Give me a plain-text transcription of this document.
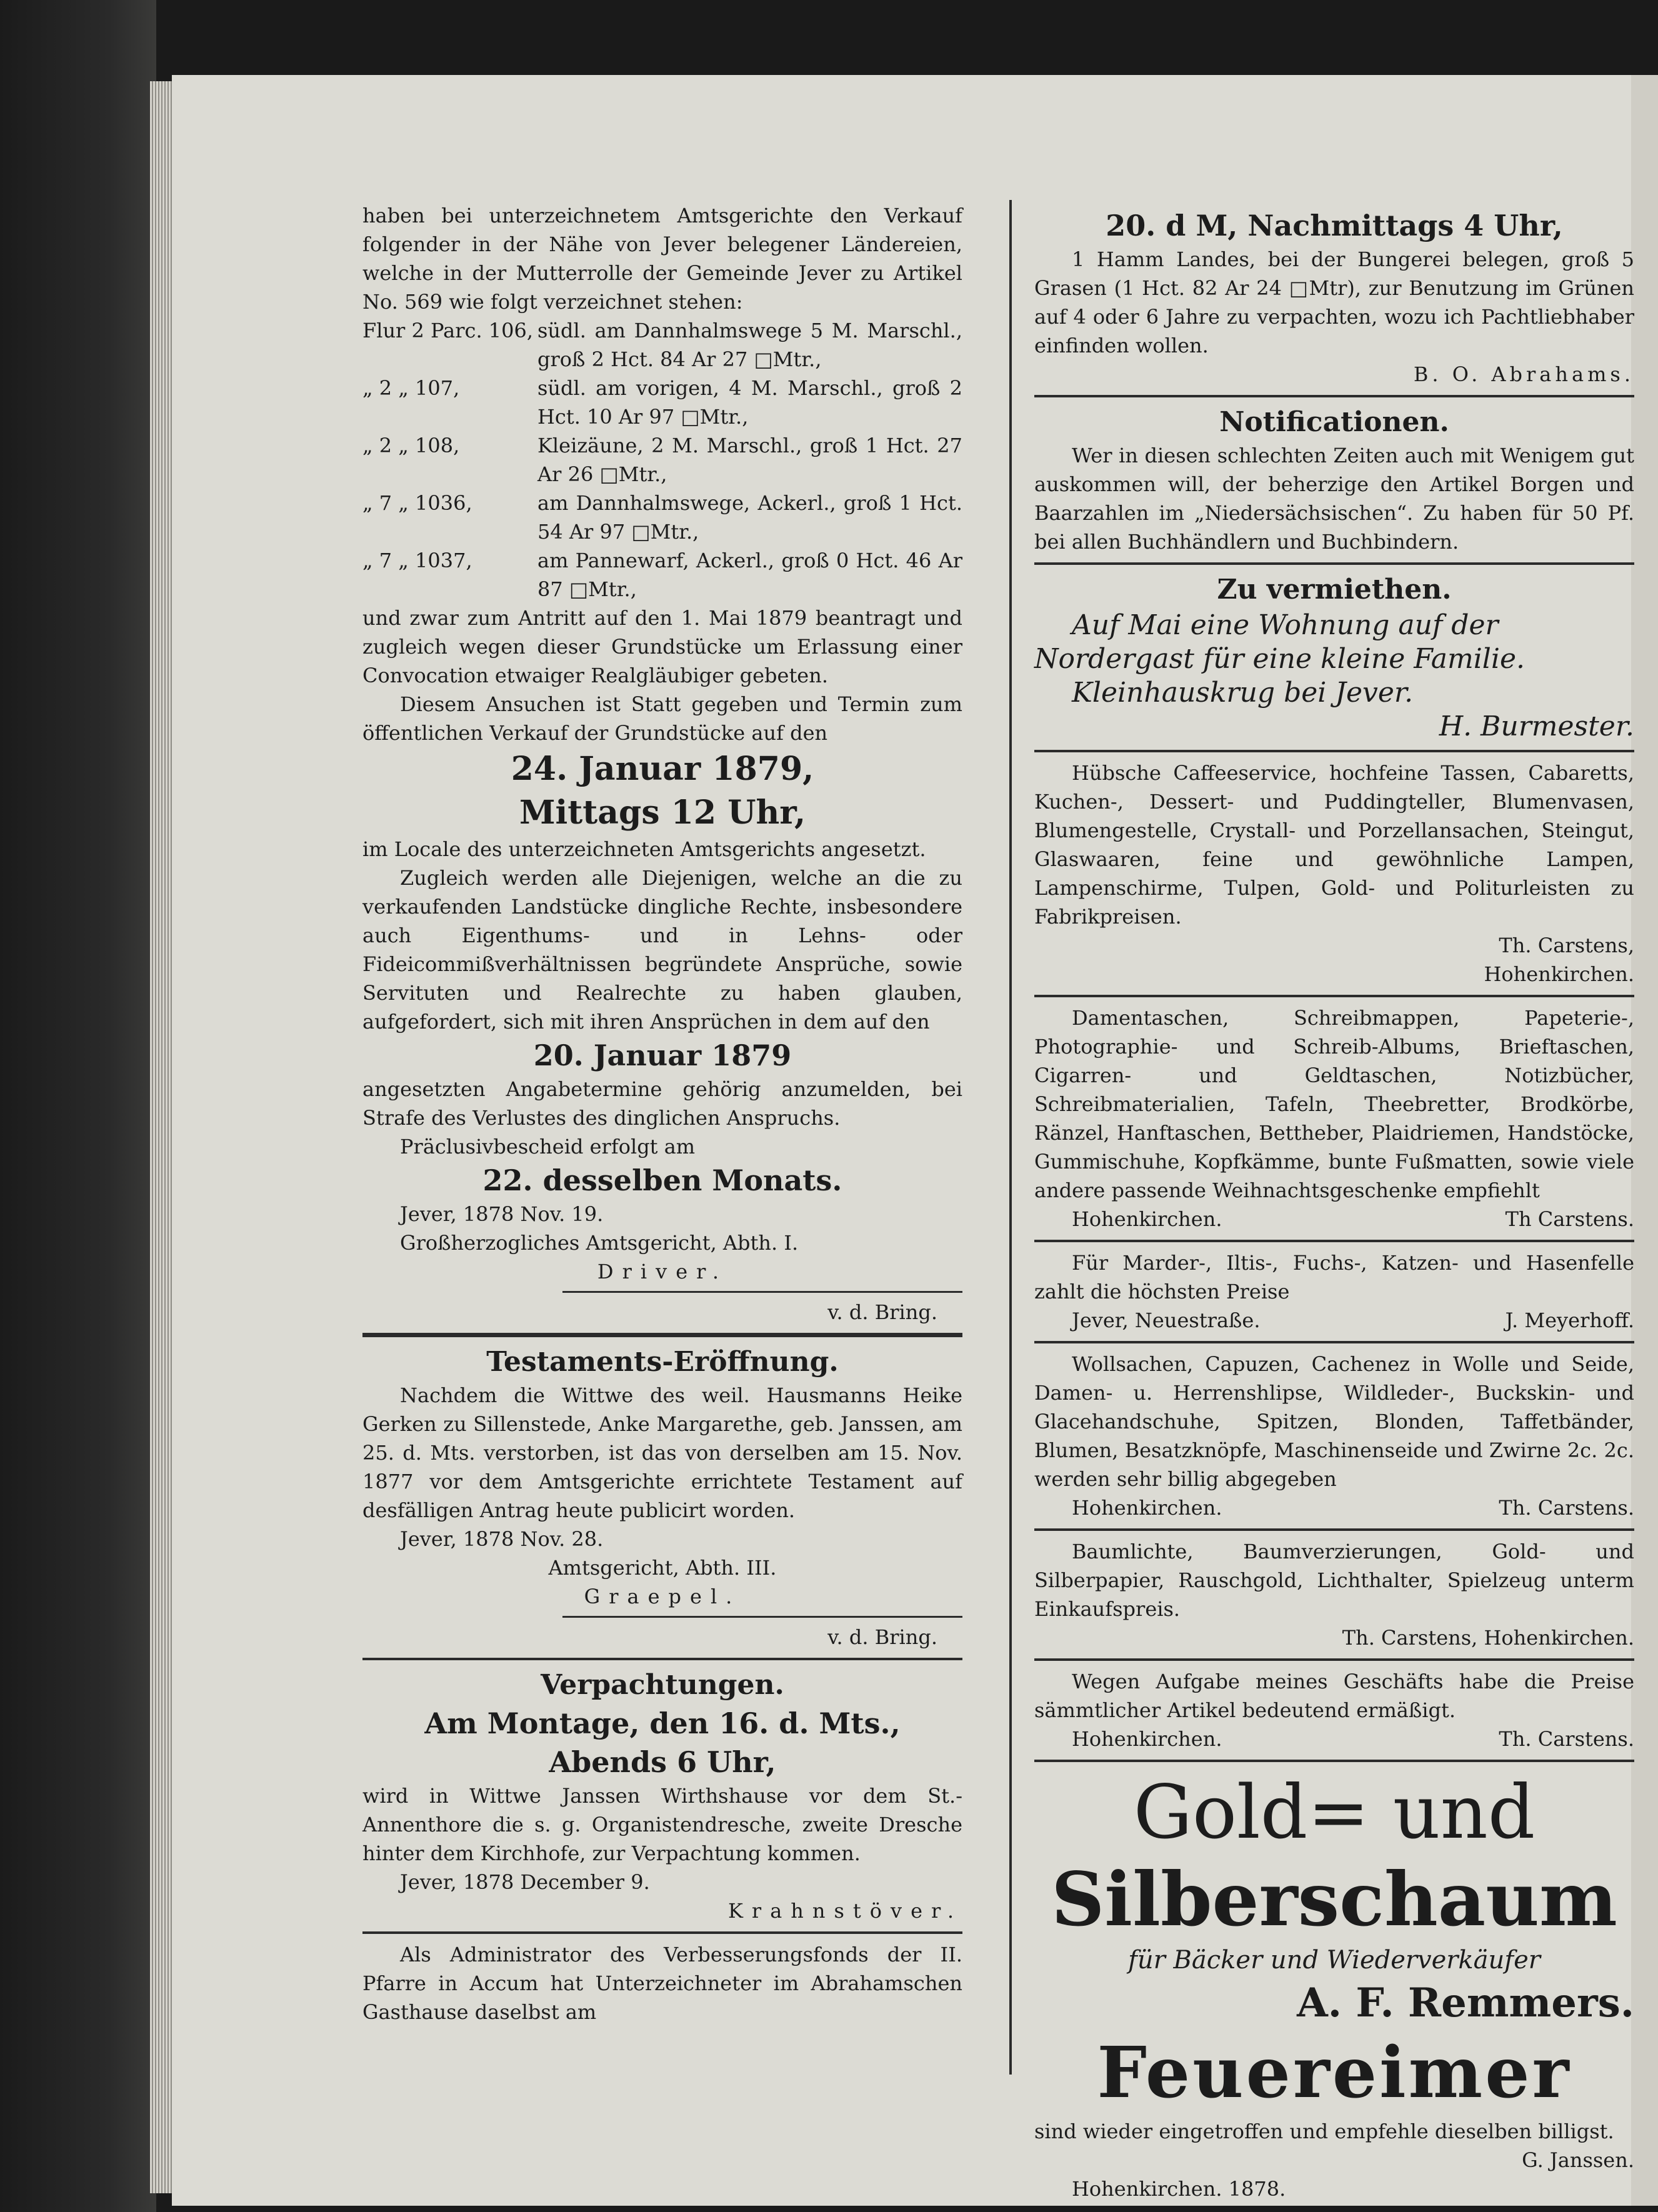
haben bei unterzeichnetem Amtsgerichte den Verkauf folgender in der Nähe von Jever belegener Ländereien, welche in der Mutterrolle der Gemeinde Jever zu Artikel No. 569 wie folgt verzeichnet stehen:

Flur 2 Parc. 106, südl. am Dannhalmswege 5 M. Marschl., groß 2 Hct. 84 Ar 27 □Mtr.,
„ 2 „ 107,	südl. am vorigen, 4 M. Marschl., groß 2 Hct. 10 Ar 97 □Mtr.,
„ 2 „ 108,	Kleizäune, 2 M. Marschl., groß 1 Hct. 27 Ar 26 □Mtr.,
„ 7 „ 1036,	am Dannhalmswege, Ackerl., groß 1 Hct. 54 Ar 97 □Mtr.,
„ 7 „ 1037,	am Pannewarf, Ackerl., groß 0 Hct. 46 Ar 87 □Mtr.,

und zwar zum Antritt auf den 1. Mai 1879 beantragt und zugleich wegen dieser Grundstücke um Erlassung einer Convocation etwaiger Realgläubiger gebeten.

Diesem Ansuchen ist Statt gegeben und Termin zum öffentlichen Verkauf der Grundstücke auf den

24. Januar 1879,
Mittags 12 Uhr,

im Locale des unterzeichneten Amtsgerichts angesetzt.

Zugleich werden alle Diejenigen, welche an die zu verkaufenden Landstücke dingliche Rechte, insbesondere auch Eigenthums- und in Lehns- oder Fideicommißverhältnissen begründete Ansprüche, sowie Servituten und Realrechte zu haben glauben, aufgefordert, sich mit ihren Ansprüchen in dem auf den

20. Januar 1879

angesetzten Angabetermine gehörig anzumelden, bei Strafe des Verlustes des dinglichen Anspruchs.

Präclusivbescheid erfolgt am

22. desselben Monats.

Jever, 1878 Nov. 19.

Großherzogliches Amtsgericht, Abth. I.

Driver.

v. d. Bring.

Testaments-Eröffnung.

Nachdem die Wittwe des weil. Hausmanns Heike Gerken zu Sillenstede, Anke Margarethe, geb. Janssen, am 25. d. Mts. verstorben, ist das von derselben am 15. Nov. 1877 vor dem Amtsgerichte errichtete Testament auf desfälligen Antrag heute publicirt worden.

Jever, 1878 Nov. 28.

Amtsgericht, Abth. III.

Graepel.

v. d. Bring.

Verpachtungen.
Am Montage, den 16. d. Mts.,
Abends 6 Uhr,

wird in Wittwe Janssen Wirthshause vor dem St.-Annenthore die s. g. Organistendresche, zweite Dresche hinter dem Kirchhofe, zur Verpachtung kommen.

Jever, 1878 December 9.

Krahnstöver.

Als Administrator des Verbesserungsfonds der II. Pfarre in Accum hat Unterzeichneter im Abrahamschen Gasthause daselbst am

20. d M, Nachmittags 4 Uhr,

1 Hamm Landes, bei der Bungerei belegen, groß 5 Grasen (1 Hct. 82 Ar 24 □Mtr), zur Benutzung im Grünen auf 4 oder 6 Jahre zu verpachten, wozu ich Pachtliebhaber einfinden wollen.

B. O. Abrahams.

Notificationen.

Wer in diesen schlechten Zeiten auch mit Wenigem gut auskommen will, der beherzige den Artikel Borgen und Baarzahlen im „Niedersächsischen“. Zu haben für 50 Pf. bei allen Buchhändlern und Buchbindern.

Zu vermiethen.

Auf Mai eine Wohnung auf der Nordergast für eine kleine Familie.

Kleinhauskrug bei Jever.

H. Burmester.

Hübsche Caffeeservice, hochfeine Tassen, Cabaretts, Kuchen-, Dessert- und Puddingteller, Blumenvasen, Blumengestelle, Crystall- und Porzellansachen, Steingut, Glaswaaren, feine und gewöhnliche Lampen, Lampenschirme, Tulpen, Gold- und Politurleisten zu Fabrikpreisen.

Th. Carstens,

Hohenkirchen.

Damentaschen, Schreibmappen, Papeterie-, Photographie- und Schreib-Albums, Brieftaschen, Cigarren- und Geldtaschen, Notizbücher, Schreibmaterialien, Tafeln, Theebretter, Brodkörbe, Ränzel, Hanftaschen, Bettheber, Plaidriemen, Handstöcke, Gummischuhe, Kopfkämme, bunte Fußmatten, sowie viele andere passende Weihnachtsgeschenke empfiehlt

Hohenkirchen.	Th Carstens.

Für Marder-, Iltis-, Fuchs-, Katzen- und Hasenfelle zahlt die höchsten Preise

Jever, Neuestraße.	J. Meyerhoff.

Wollsachen, Capuzen, Cachenez in Wolle und Seide, Damen- u. Herrenshlipse, Wildleder-, Buckskin- und Glacehandschuhe, Spitzen, Blonden, Taffetbänder, Blumen, Besatzknöpfe, Maschinenseide und Zwirne 2c. 2c. werden sehr billig abgegeben

Hohenkirchen.	Th. Carstens.

Baumlichte, Baumverzierungen, Gold- und Silberpapier, Rauschgold, Lichthalter, Spielzeug unterm Einkaufspreis.

Th. Carstens, Hohenkirchen.

Wegen Aufgabe meines Geschäfts habe die Preise sämmtlicher Artikel bedeutend ermäßigt.

Hohenkirchen.	Th. Carstens.
Gold= und
Silberschaum

für Bäcker und Wiederverkäufer

A. F. Remmers.
Feuereimer

sind wieder eingetroffen und empfehle dieselben billigst.

G. Janssen.

Hohenkirchen. 1878.
